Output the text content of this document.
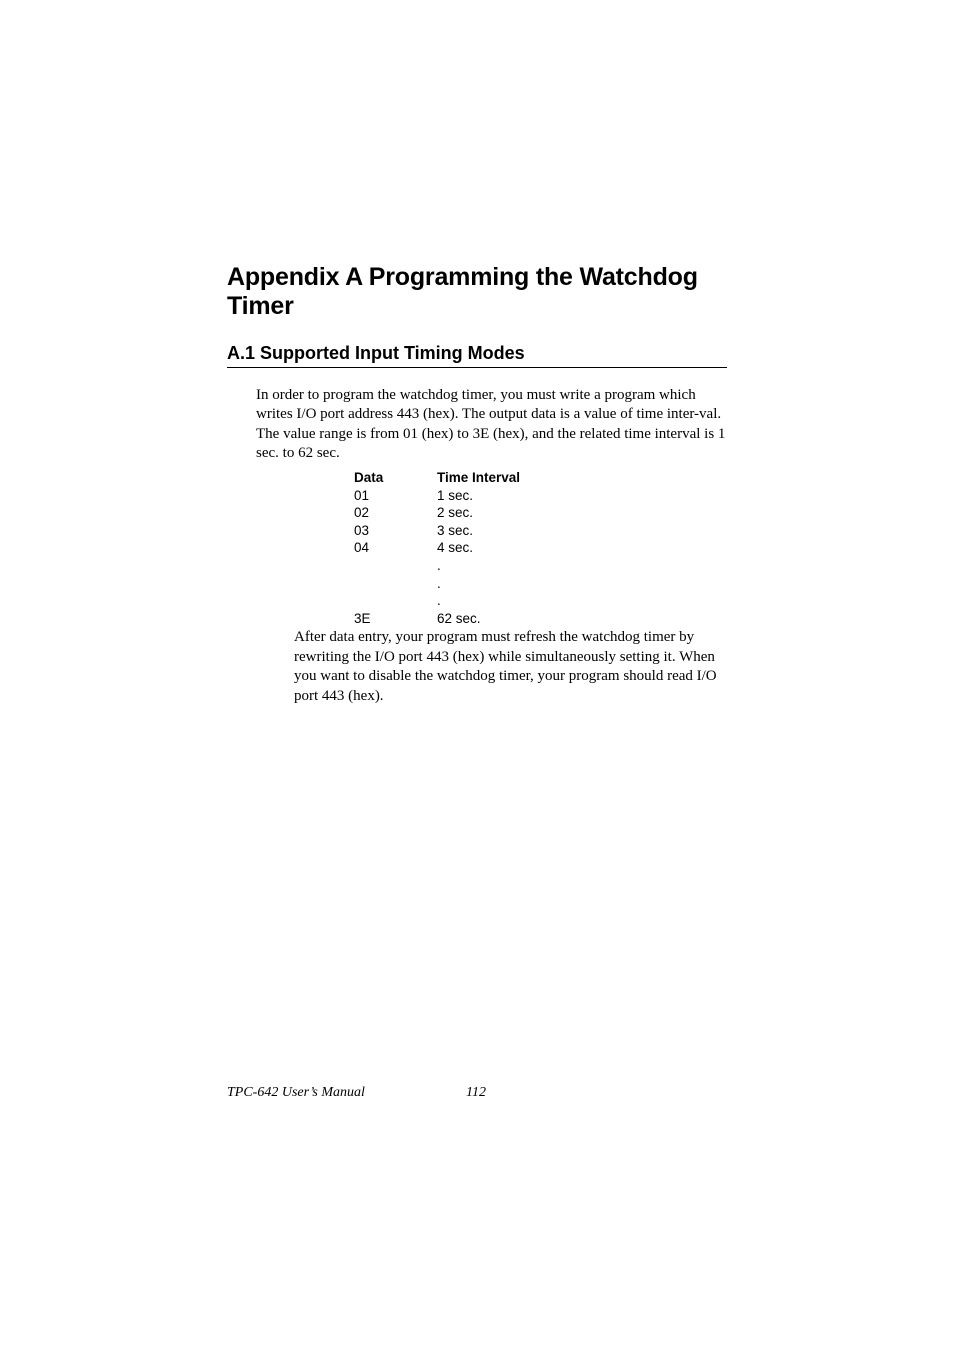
Appendix A Programming the Watchdog Timer
A.1 Supported Input Timing Modes

In order to program the watchdog timer, you must write a program which writes I/O port address 443 (hex). The output data is a value of time inter-val. The value range is from 01 (hex) to 3E (hex), and the related time interval is 1 sec. to 62 sec.

Data	Time Interval
01	1 sec.
02	2 sec.
03	3 sec.
04	4 sec.
.
.
.
3E	62 sec.

After data entry, your program must refresh the watchdog timer by rewriting the I/O port 443 (hex) while simultaneously setting it. When you want to disable the watchdog timer, your program should read I/O port 443 (hex).

TPC-642 User’s Manual	112
